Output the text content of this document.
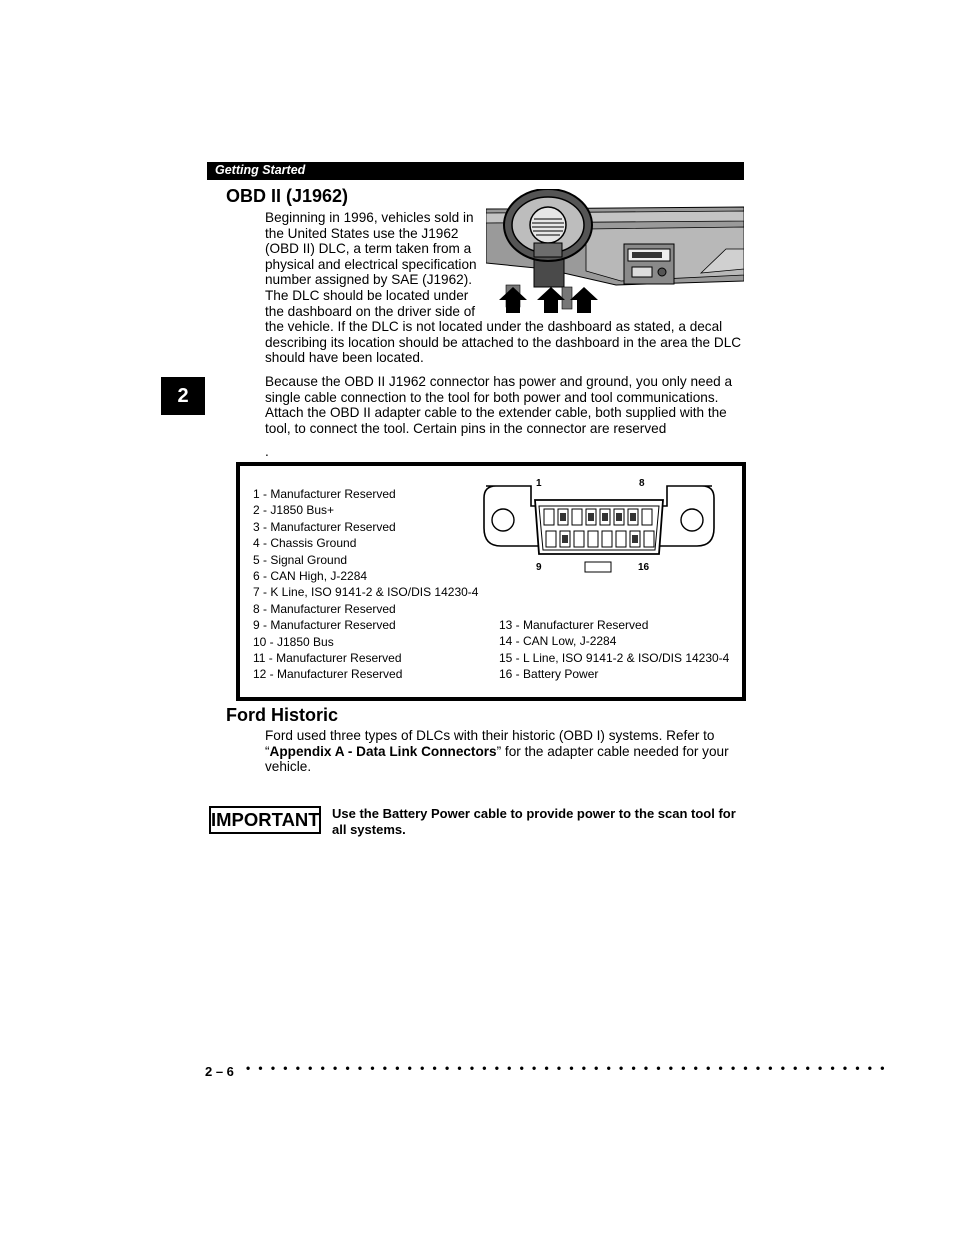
Getting Started
2
OBD II (J1962)
Beginning in 1996, vehicles sold in
the United States use the J1962
(OBD II) DLC, a term taken from a
physical and electrical specification
number assigned by SAE (J1962).
The DLC should be located under
the dashboard on the driver side of
the vehicle. If the DLC is not located under the dashboard as stated, a decal describing its location should be attached to the dashboard in the area the DLC should have been located.
Because the OBD II J1962 connector has power and ground, you only need a single cable connection to the tool for both power and tool communications. Attach the OBD II adapter cable to the extender cable, both supplied with the tool, to connect the tool. Certain pins in the connector are reserved
.
1 - Manufacturer Reserved
2 - J1850 Bus+
3 - Manufacturer Reserved
4 - Chassis Ground
5 - Signal Ground
6 - CAN High, J-2284
7 - K Line, ISO 9141-2 & ISO/DIS 14230-4
8 - Manufacturer Reserved
9 - Manufacturer Reserved
10 - J1850 Bus
11 - Manufacturer Reserved
12 - Manufacturer Reserved
13 - Manufacturer Reserved
14 - CAN Low, J-2284
15 - L Line, ISO 9141-2 & ISO/DIS 14230-4
16 - Battery Power
1	8
9	16
Ford Historic
Ford used three types of DLCs with their historic (OBD I) systems. Refer to “Appendix A - Data Link Connectors” for the adapter cable needed for your vehicle.
IMPORTANT Use the Battery Power cable to provide power to the scan tool for all systems.
2 – 6 • • • • • • • • • • • • • • • • • • • • • • • • • • • • • • • • • • • • • • • • • • • • • • • • • • • •
